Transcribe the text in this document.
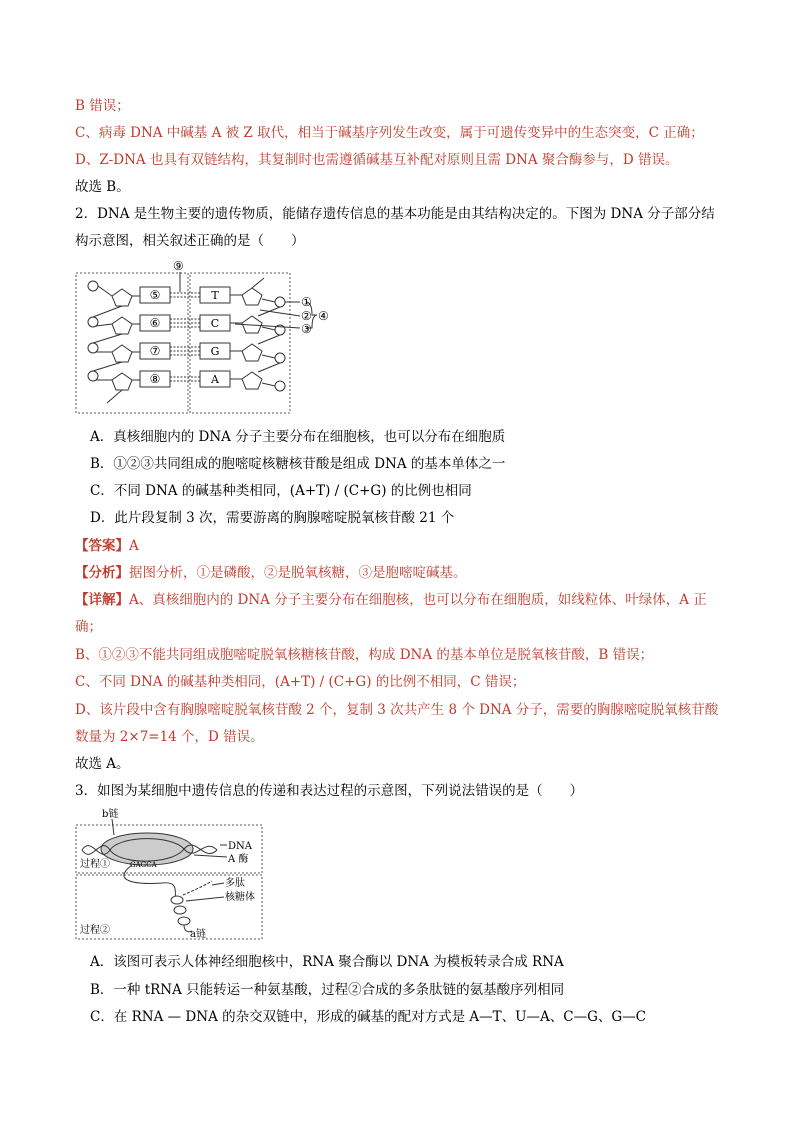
B 错误；
C、病毒 DNA 中碱基 A 被 Z 取代，相当于碱基序列发生改变，属于可遗传变异中的生态突变，C 正确；
D、Z-DNA 也具有双链结构，其复制时也需遵循碱基互补配对原则且需 DNA 聚合酶参与，D 错误。
故选 B。
2．DNA 是生物主要的遗传物质，能储存遗传信息的基本功能是由其结构决定的。下图为 DNA 分子部分结
构示意图，相关叙述正确的是（　　）
⑤
⑥
⑦
⑧
T
C
G
A
①
②
③
④
⑨
A．真核细胞内的 DNA 分子主要分布在细胞核，也可以分布在细胞质
B．①②③共同组成的胞嘧啶核糖核苷酸是组成 DNA 的基本单体之一
C．不同 DNA 的碱基种类相同，(A+T) / (C+G) 的比例也相同
D．此片段复制 3 次，需要游离的胸腺嘧啶脱氧核苷酸 21 个
【答案】A
【分析】据图分析，①是磷酸，②是脱氧核糖，③是胞嘧啶碱基。
【详解】A、真核细胞内的 DNA 分子主要分布在细胞核，也可以分布在细胞质，如线粒体、叶绿体，A 正
确；
B、①②③不能共同组成胞嘧啶脱氧核糖核苷酸，构成 DNA 的基本单位是脱氧核苷酸，B 错误；
C、不同 DNA 的碱基种类相同，(A+T) / (C+G) 的比例不相同，C 错误；
D、该片段中含有胸腺嘧啶脱氧核苷酸 2 个，复制 3 次共产生 8 个 DNA 分子，需要的胸腺嘧啶脱氧核苷酸
数量为 2×7=14 个，D 错误。
故选 A。
3．如图为某细胞中遗传信息的传递和表达过程的示意图，下列说法错误的是（　　）
b链
GAGCA
DNA
A 酶
过程①
多肽
核糖体
a链
过程②
A．该图可表示人体神经细胞核中，RNA 聚合酶以 DNA 为模板转录合成 RNA
B．一种 tRNA 只能转运一种氨基酸，过程②合成的多条肽链的氨基酸序列相同
C．在 RNA — DNA 的杂交双链中，形成的碱基的配对方式是 A—T、U—A、C—G、G—C
